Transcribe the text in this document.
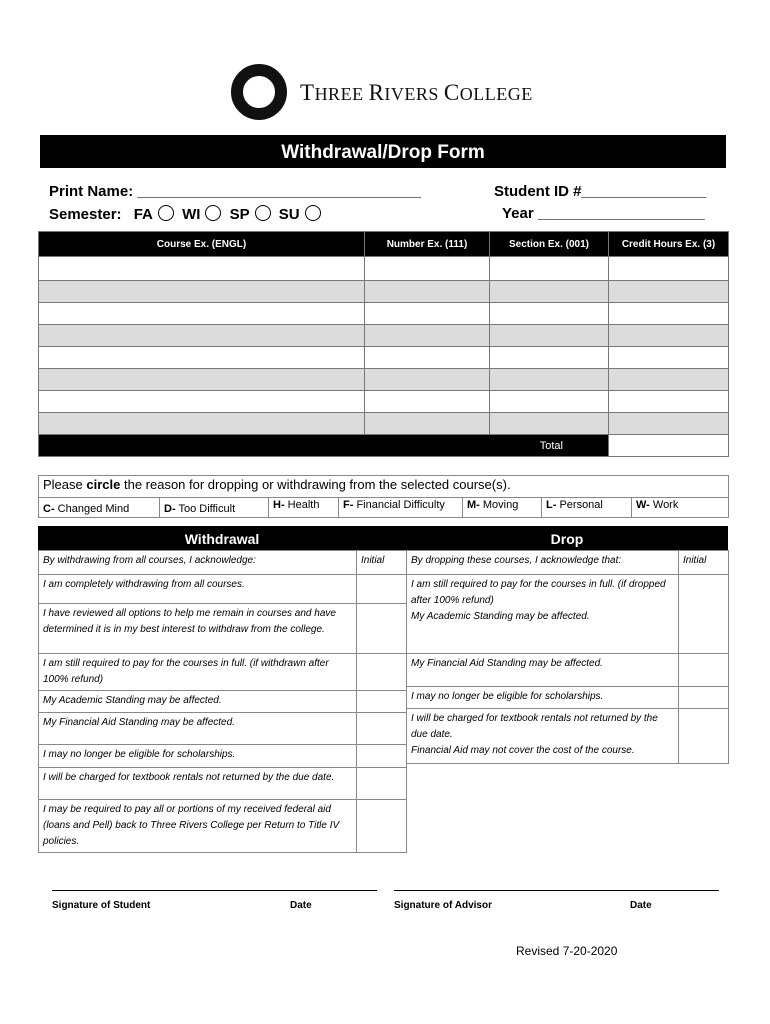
THREE RIVERS COLLEGE
Withdrawal/Drop Form
Print Name: __________________________________	Student ID #_______________
Semester: FA WI SP SU	Year ____________________
Course Ex. (ENGL)	Number Ex. (111)	Section Ex. (001)	Credit Hours Ex. (3)

Total			
Please circle the reason for dropping or withdrawing from the selected course(s).
C- Changed Mind	D- Too Difficult	H- Health	F- Financial Difficulty	M- Moving	L- Personal	W- Work
Withdrawal
By withdrawing from all courses, I acknowledge:	Initial
I am completely withdrawing from all courses.	
I have reviewed all options to help me remain in courses and have determined it is in my best interest to withdraw from the college.	
I am still required to pay for the courses in full. (if withdrawn after 100% refund)	
My Academic Standing may be affected.	
My Financial Aid Standing may be affected.	
I may no longer be eligible for scholarships.	
I will be charged for textbook rentals not returned by the due date.	
I may be required to pay all or portions of my received federal aid (loans and Pell) back to Three Rivers College per Return to Title IV policies.	
Drop
By dropping these courses, I acknowledge that:	Initial

I am still required to pay for the courses in full. (if dropped after 100% refund)
My Academic Standing may be affected.	

My Financial Aid Standing may be affected.	
I may no longer be eligible for scholarships.	

I will be charged for textbook rentals not returned by the due date.
Financial Aid may not cover the cost of the course.	

Signature of Student	Date	Signature of Advisor	Date
Revised 7-20-2020
